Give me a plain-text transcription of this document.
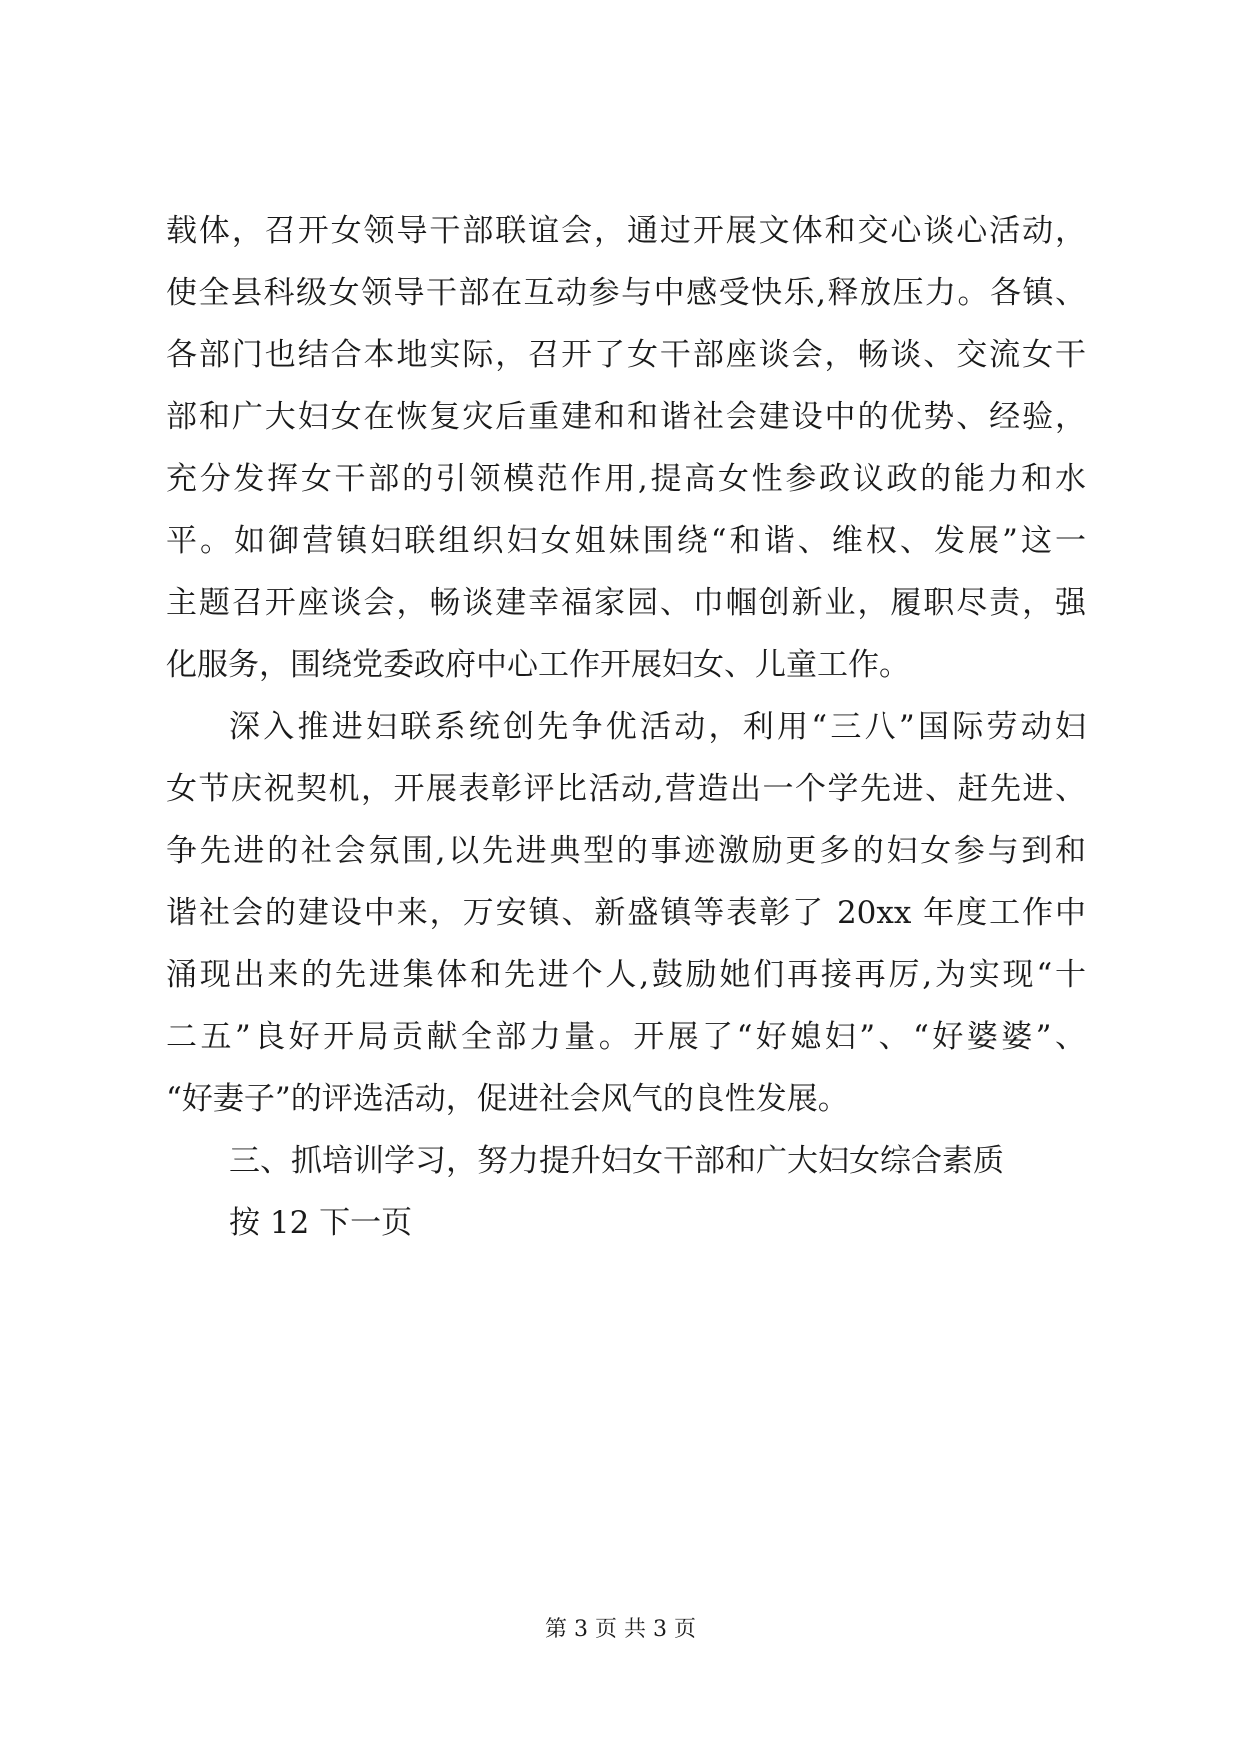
载体，召开女领导干部联谊会，通过开展文体和交心谈心活动，
使全县科级女领导干部在互动参与中感受快乐,释放压力。各镇、
各部门也结合本地实际，召开了女干部座谈会，畅谈、交流女干
部和广大妇女在恢复灾后重建和和谐社会建设中的优势、经验，
充分发挥女干部的引领模范作用,提高女性参政议政的能力和水
平。如御营镇妇联组织妇女姐妹围绕“和谐、维权、发展”这一
主题召开座谈会，畅谈建幸福家园、巾帼创新业，履职尽责，强
化服务，围绕党委政府中心工作开展妇女、儿童工作。
深入推进妇联系统创先争优活动，利用“三八”国际劳动妇
女节庆祝契机，开展表彰评比活动,营造出一个学先进、赶先进、
争先进的社会氛围,以先进典型的事迹激励更多的妇女参与到和
谐社会的建设中来，万安镇、新盛镇等表彰了 20xx 年度工作中
涌现出来的先进集体和先进个人,鼓励她们再接再厉,为实现“十
二五”良好开局贡献全部力量。开展了“好媳妇”、“好婆婆”、
“好妻子”的评选活动，促进社会风气的良性发展。
三、抓培训学习，努力提升妇女干部和广大妇女综合素质
按 12 下一页
第 3 页 共 3 页
